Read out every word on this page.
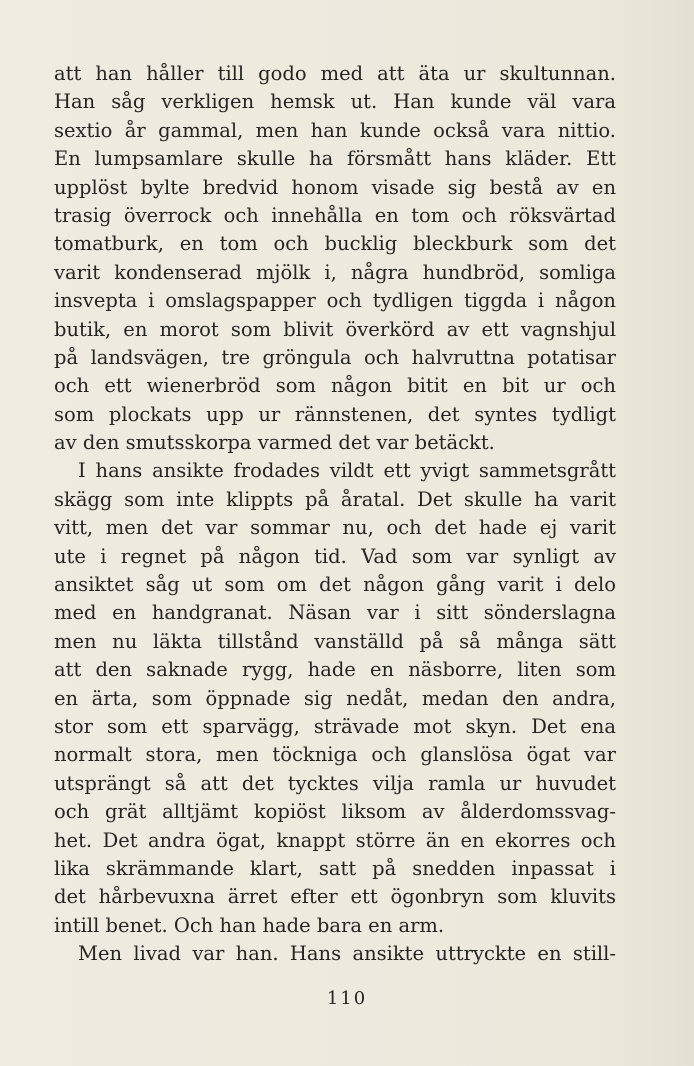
att han håller till godo med att äta ur skultunnan.
Han såg verkligen hemsk ut. Han kunde väl vara
sextio år gammal, men han kunde också vara nittio.
En lumpsamlare skulle ha försmått hans kläder. Ett
upplöst bylte bredvid honom visade sig bestå av en
trasig överrock och innehålla en tom och röksvärtad
tomatburk, en tom och bucklig bleckburk som det
varit kondenserad mjölk i, några hundbröd, somliga
insvepta i omslagspapper och tydligen tiggda i någon
butik, en morot som blivit överkörd av ett vagnshjul
på landsvägen, tre gröngula och halvruttna potatisar
och ett wienerbröd som någon bitit en bit ur och
som plockats upp ur rännstenen, det syntes tydligt
av den smutsskorpa varmed det var betäckt.
I hans ansikte frodades vildt ett yvigt sammetsgrått
skägg som inte klippts på åratal. Det skulle ha varit
vitt, men det var sommar nu, och det hade ej varit
ute i regnet på någon tid. Vad som var synligt av
ansiktet såg ut som om det någon gång varit i delo
med en handgranat. Näsan var i sitt sönderslagna
men nu läkta tillstånd vanställd på så många sätt
att den saknade rygg, hade en näsborre, liten som
en ärta, som öppnade sig nedåt, medan den andra,
stor som ett sparvägg, strävade mot skyn. Det ena
normalt stora, men töckniga och glanslösa ögat var
utsprängt så att det tycktes vilja ramla ur huvudet
och grät alltjämt kopiöst liksom av ålderdomssvag-
het. Det andra ögat, knappt större än en ekorres och
lika skrämmande klart, satt på snedden inpassat i
det hårbevuxna ärret efter ett ögonbryn som kluvits
intill benet. Och han hade bara en arm.
Men livad var han. Hans ansikte uttryckte en still-
110
